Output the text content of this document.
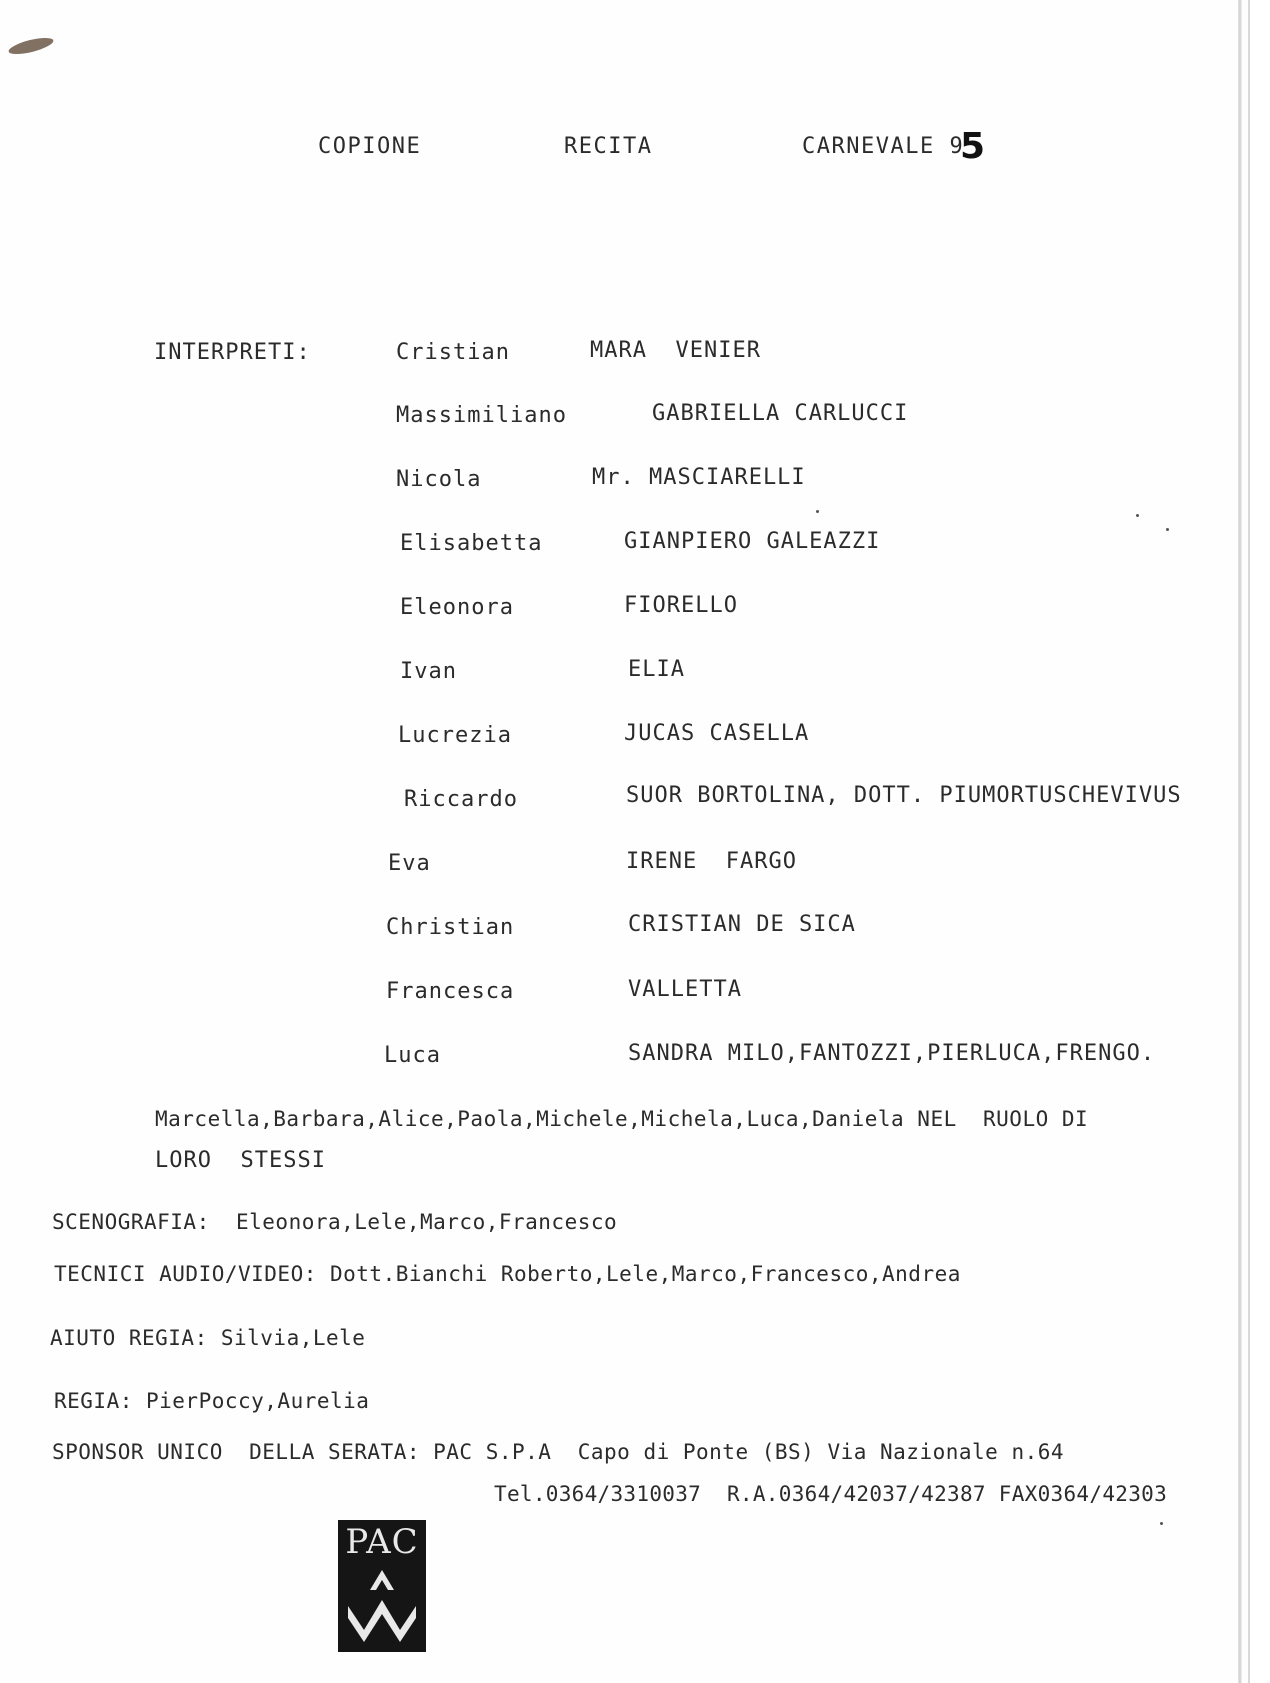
COPIONE	RECITA	CARNEVALE 9
5
INTERPRETI:	Cristian	MARA  VENIER
Massimiliano	GABRIELLA CARLUCCI
Nicola	Mr. MASCIARELLI
Elisabetta	GIANPIERO GALEAZZI
Eleonora	FIORELLO
Ivan	ELIA
Lucrezia	JUCAS CASELLA
Riccardo	SUOR BORTOLINA, DOTT. PIUMORTUSCHEVIVUS
Eva	IRENE  FARGO
Christian	CRISTIAN DE SICA
Francesca	VALLETTA
Luca	SANDRA MILO,FANTOZZI,PIERLUCA,FRENGO.
Marcella,Barbara,Alice,Paola,Michele,Michela,Luca,Daniela NEL  RUOLO DI
LORO  STESSI
SCENOGRAFIA:  Eleonora,Lele,Marco,Francesco
TECNICI AUDIO/VIDEO: Dott.Bianchi Roberto,Lele,Marco,Francesco,Andrea
AIUTO REGIA: Silvia,Lele
REGIA: PierPoccy,Aurelia
SPONSOR UNICO  DELLA SERATA: PAC S.P.A  Capo di Ponte (BS) Via Nazionale n.64
Tel.0364/3310037  R.A.0364/42037/42387 FAX0364/42303
PAC
